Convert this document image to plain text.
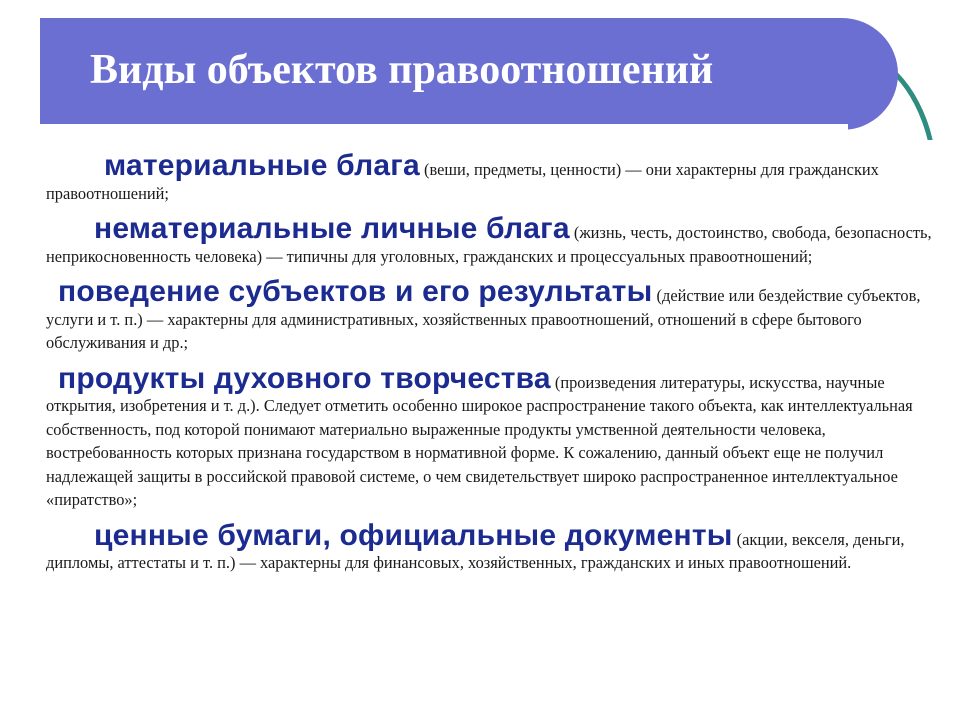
Виды объектов правоотношений

материальные блага (веши, предметы, ценности) — они характерны для гражданских правоотношений;

нематериальные личные блага (жизнь, честь, достоинство, свобода, безопасность, неприкосновенность человека) — типичны для уголовных, гражданских и процессуальных правоотношений;

поведение субъектов и его результаты (действие или бездействие субъектов, услуги и т. п.) — характерны для административных, хозяйственных правоотношений, отношений в сфере бытового обслуживания и др.;

продукты духовного творчества (произведения литературы, искусства, научные открытия, изобретения и т. д.). Следует отметить особенно широкое распространение такого объекта, как интеллектуальная собственность, под которой понимают материально выраженные продукты умственной деятельности человека, востребованность которых признана государством в нормативной форме. К сожалению, данный объект еще не получил надлежащей защиты в российской правовой системе, о чем свидетельствует широко распространенное интеллектуальное «пиратство»;

ценные бумаги, официальные документы (акции, векселя, деньги, дипломы, аттестаты и т. п.) — характерны для финансовых, хозяйственных, гражданских и иных правоотношений.
